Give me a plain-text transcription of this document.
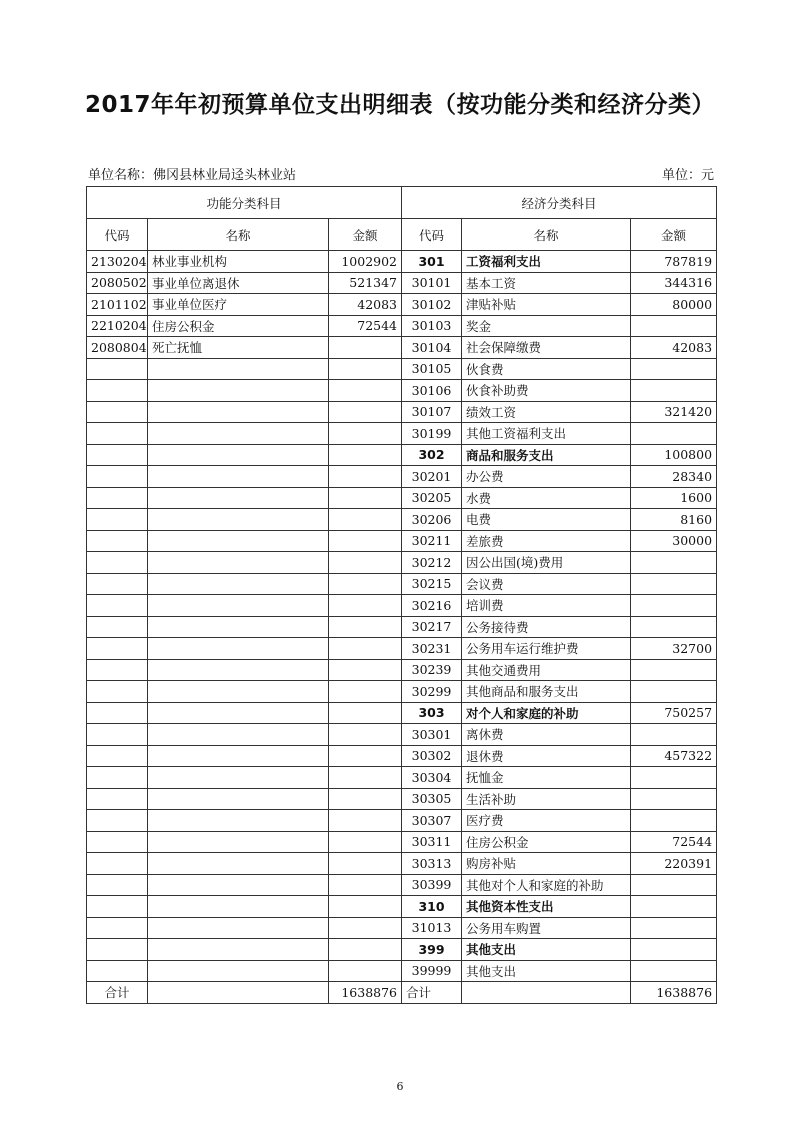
2017年年初预算单位支出明细表（按功能分类和经济分类）
单位名称：佛冈县林业局迳头林业站	单位：元
功能分类科目			经济分类科目		
代码	名称	金额	代码	名称	金额
2130204	林业事业机构	1002902	301	工资福利支出	787819
2080502	事业单位离退休	521347	30101	基本工资	344316
2101102	事业单位医疗	42083	30102	津贴补贴	80000
2210204	住房公积金	72544	30103	奖金	
2080804	死亡抚恤		30104	社会保障缴费	42083
			30105	伙食费	
			30106	伙食补助费	
			30107	绩效工资	321420
			30199	其他工资福利支出	
			302	商品和服务支出	100800
			30201	办公费	28340
			30205	水费	1600
			30206	电费	8160
			30211	差旅费	30000
			30212	因公出国(境)费用	
			30215	会议费	
			30216	培训费	
			30217	公务接待费	
			30231	公务用车运行维护费	32700
			30239	其他交通费用	
			30299	其他商品和服务支出	
			303	对个人和家庭的补助	750257
			30301	离休费	
			30302	退休费	457322
			30304	抚恤金	
			30305	生活补助	
			30307	医疗费	
			30311	住房公积金	72544
			30313	购房补贴	220391
			30399	其他对个人和家庭的补助	
			310	其他资本性支出	
			31013	公务用车购置	
			399	其他支出	
			39999	其他支出	
合计		1638876	合计		1638876
6
